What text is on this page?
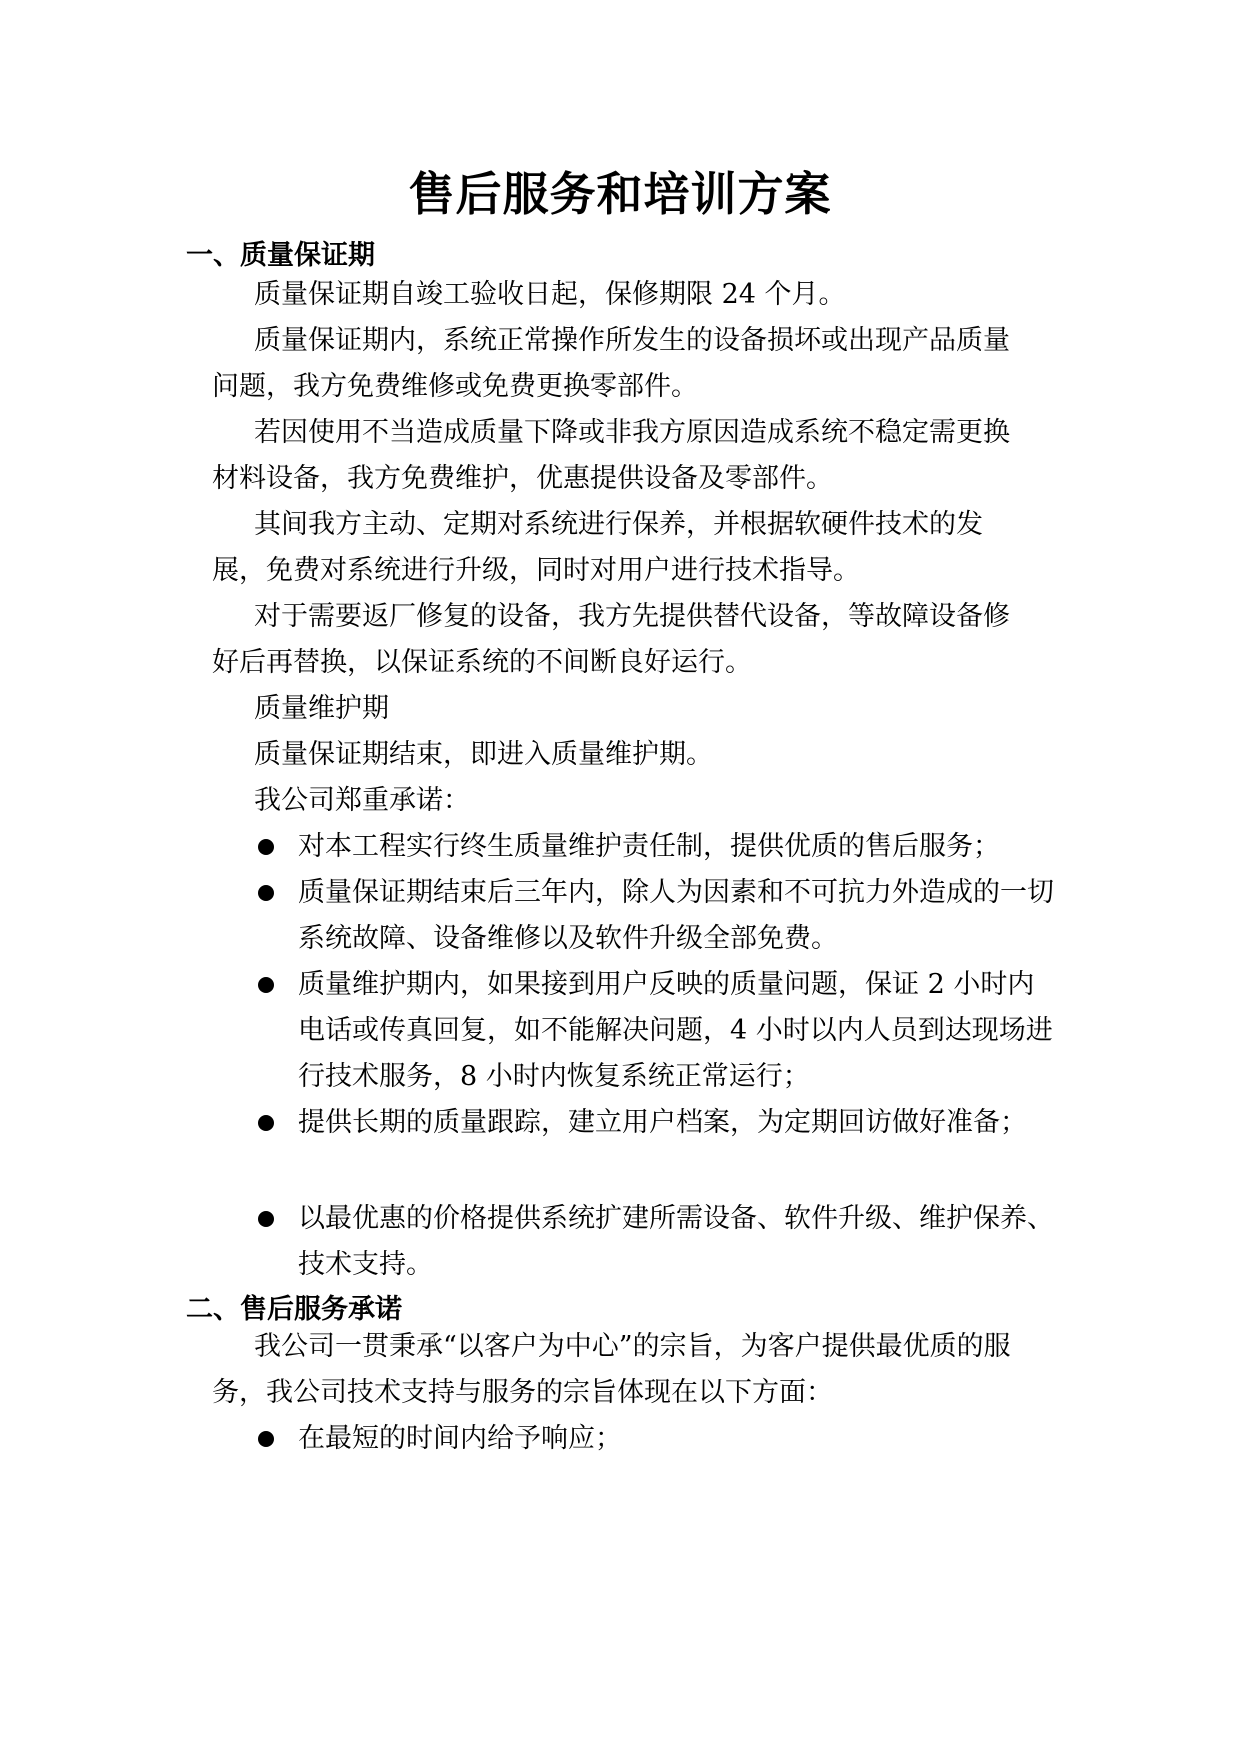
售后服务和培训方案
一、质量保证期
质量保证期自竣工验收日起，保修期限 24 个月。
质量保证期内，系统正常操作所发生的设备损坏或出现产品质量问题，我方免费维修或免费更换零部件。
若因使用不当造成质量下降或非我方原因造成系统不稳定需更换材料设备，我方免费维护，优惠提供设备及零部件。
其间我方主动、定期对系统进行保养，并根据软硬件技术的发展，免费对系统进行升级，同时对用户进行技术指导。
对于需要返厂修复的设备，我方先提供替代设备，等故障设备修好后再替换，以保证系统的不间断良好运行。
质量维护期
质量保证期结束，即进入质量维护期。
我公司郑重承诺：
对本工程实行终生质量维护责任制，提供优质的售后服务；
质量保证期结束后三年内，除人为因素和不可抗力外造成的一切系统故障、设备维修以及软件升级全部免费。
质量维护期内，如果接到用户反映的质量问题，保证 2 小时内电话或传真回复，如不能解决问题，4 小时以内人员到达现场进行技术服务，8 小时内恢复系统正常运行；
提供长期的质量跟踪，建立用户档案，为定期回访做好准备；
以最优惠的价格提供系统扩建所需设备、软件升级、维护保养、技术支持。
二、售后服务承诺
我公司一贯秉承“以客户为中心”的宗旨，为客户提供最优质的服务，我公司技术支持与服务的宗旨体现在以下方面：
在最短的时间内给予响应；
